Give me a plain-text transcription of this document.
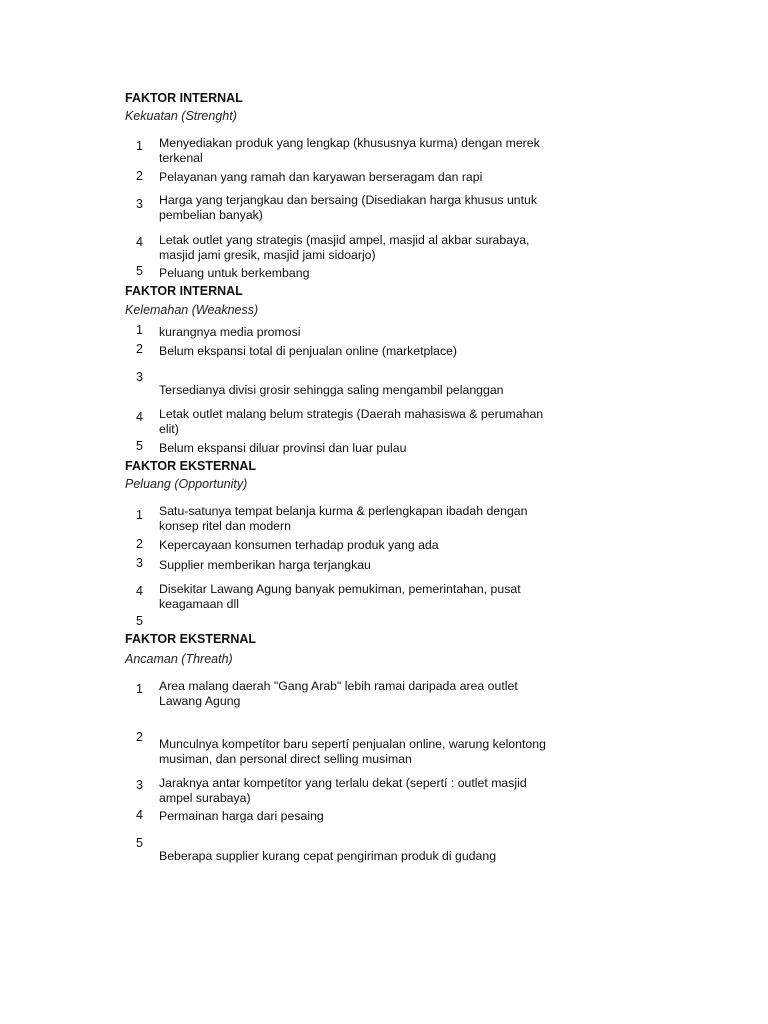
FAKTOR INTERNAL
Kekuatan (Strenght)
1 Menyediakan produk yang lengkap (khususnya kurma) dengan merek terkenal
2 Pelayanan yang ramah dan karyawan berseragam dan rapi
3 Harga yang terjangkau dan bersaing (Disediakan harga khusus untuk pembelian banyak)
4 Letak outlet yang strategis (masjid ampel, masjid al akbar surabaya, masjid jami gresik, masjid jami sidoarjo)
5 Peluang untuk berkembang
FAKTOR INTERNAL
Kelemahan (Weakness)
1 kurangnya media promosi
2 Belum ekspansi total di penjualan online (marketplace)
3
Tersedianya divisi grosir sehingga saling mengambil pelanggan
4 Letak outlet malang belum strategis (Daerah mahasiswa & perumahan elit)
5 Belum ekspansi diluar provinsi dan luar pulau
FAKTOR EKSTERNAL
Peluang (Opportunity)
1 Satu-satunya tempat belanja kurma & perlengkapan ibadah dengan konsep ritel dan modern
2 Kepercayaan konsumen terhadap produk yang ada
3 Supplier memberikan harga terjangkau
4 Disekitar Lawang Agung banyak pemukiman, pemerintahan, pusat keagamaan dll
5
FAKTOR EKSTERNAL
Ancaman (Threath)
1 Area malang daerah "Gang Arab" lebih ramai daripada area outlet Lawang Agung
2 Munculnya kompetítor baru sepertí penjualan online, warung kelontong musiman, dan personal direct selling musiman
3 Jaraknya antar kompetítor yang terlalu dekat (sepertí : outlet masjid ampel surabaya)
4 Permainan harga dari pesaing
5
Beberapa supplier kurang cepat pengiriman produk di gudang
